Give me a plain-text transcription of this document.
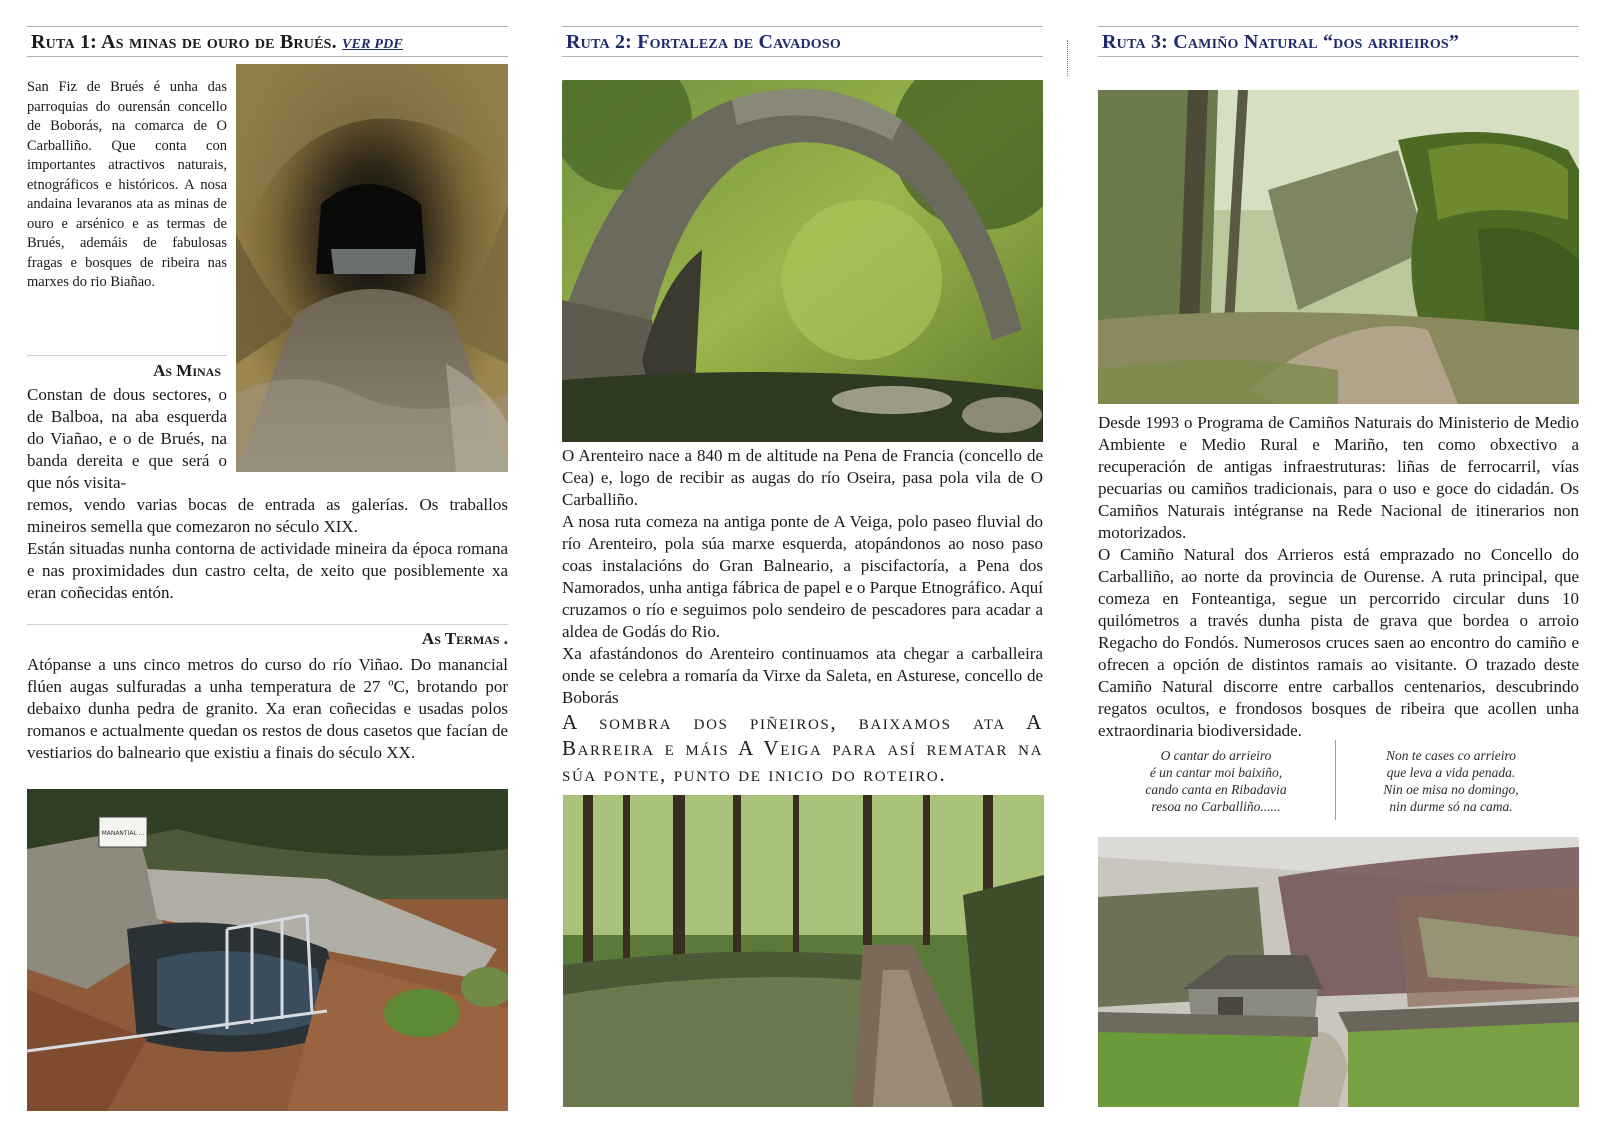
Ruta 1: As minas de ouro de Brués. VER PDF

San Fiz de Brués é unha das parroquias do ourensán concello de Boborás, na comarca de O Carballiño. Que conta con importantes atractivos naturais, etnográficos e históricos. A nosa andaina levaranos ata as minas de ouro e arsénico e as termas de Brués, ademáis de fabulosas fragas e bosques de ribeira nas marxes do rio Biañao.

As Minas

Constan de dous sectores, o de Balboa, na aba esquerda do Viañao, e o de Brués, na banda dereita e que será o que nós visita-

remos, vendo varias bocas de entrada as galerías. Os traballos mineiros semella que comezaron no século XIX.

Están situadas nunha contorna de actividade mineira da época romana e nas proximidades dun castro celta, de xeito que posiblemente xa eran coñecidas entón.

As Termas .

Atópanse a uns cinco metros do curso do río Viñao. Do manancial flúen augas sulfuradas a unha temperatura de 27 ºC, brotando por debaixo dunha pedra de granito. Xa eran coñecidas e usadas polos romanos e actualmente quedan os restos de dous casetos que facían de vestiarios do balneario que existiu a finais do século XX.

MANANTIAL ...
Ruta 2: Fortaleza de Cavadoso

O Arenteiro nace a 840 m de altitude na Pena de Francia (concello de Cea) e, logo de recibir as augas do río Oseira, pasa pola vila de O Carballiño.

A nosa ruta comeza na antiga ponte de A Veiga, polo paseo fluvial do río Arenteiro, pola súa marxe esquerda, atopándonos ao noso paso coas instalacións do Gran Balneario, a piscifactoría, a Pena dos Namorados, unha antiga fábrica de papel e o Parque Etnográfico. Aquí cruzamos o río e seguimos polo sendeiro de pescadores para acadar a aldea de Godás do Rio.

Xa afastándonos do Arenteiro continuamos ata chegar a carballeira onde se celebra a romaría da Virxe da Saleta, en Asturese, concello de Boborás

A sombra dos piñeiros, baixamos ata A Barreira e máis A Veiga para así rematar na súa ponte, punto de inicio do roteiro.

Ruta 3: Camiño Natural “dos arrieiros”

Desde 1993 o Programa de Camiños Naturais do Ministerio de Medio Ambiente e Medio Rural e Mariño, ten como obxectivo a recuperación de antigas infraestruturas: liñas de ferrocarril, vías pecuarias ou camiños tradicionais, para o uso e goce do cidadán. Os Camiños Naturais intégranse na Rede Nacional de itinerarios non motorizados.

O Camiño Natural dos Arrieros está emprazado no Concello do Carballiño, ao norte da provincia de Ourense. A ruta principal, que comeza en Fonteantiga, segue un percorrido circular duns 10 quilómetros a través dunha pista de grava que bordea o arroio Regacho do Fondós. Numerosos cruces saen ao encontro do camiño e ofrecen a opción de distintos ramais ao visitante. O trazado deste Camiño Natural discorre entre carballos centenarios, descubrindo regatos ocultos, e frondosos bosques de ribeira que acollen unha extraordinaria biodiversidade.

O cantar do arrieiro
é un cantar moi baixiño,
cando canta en Ribadavia
resoa no Carballiño......
Non te cases co arrieiro
que leva a vida penada.
Nin oe misa no domingo,
nin durme só na cama.
